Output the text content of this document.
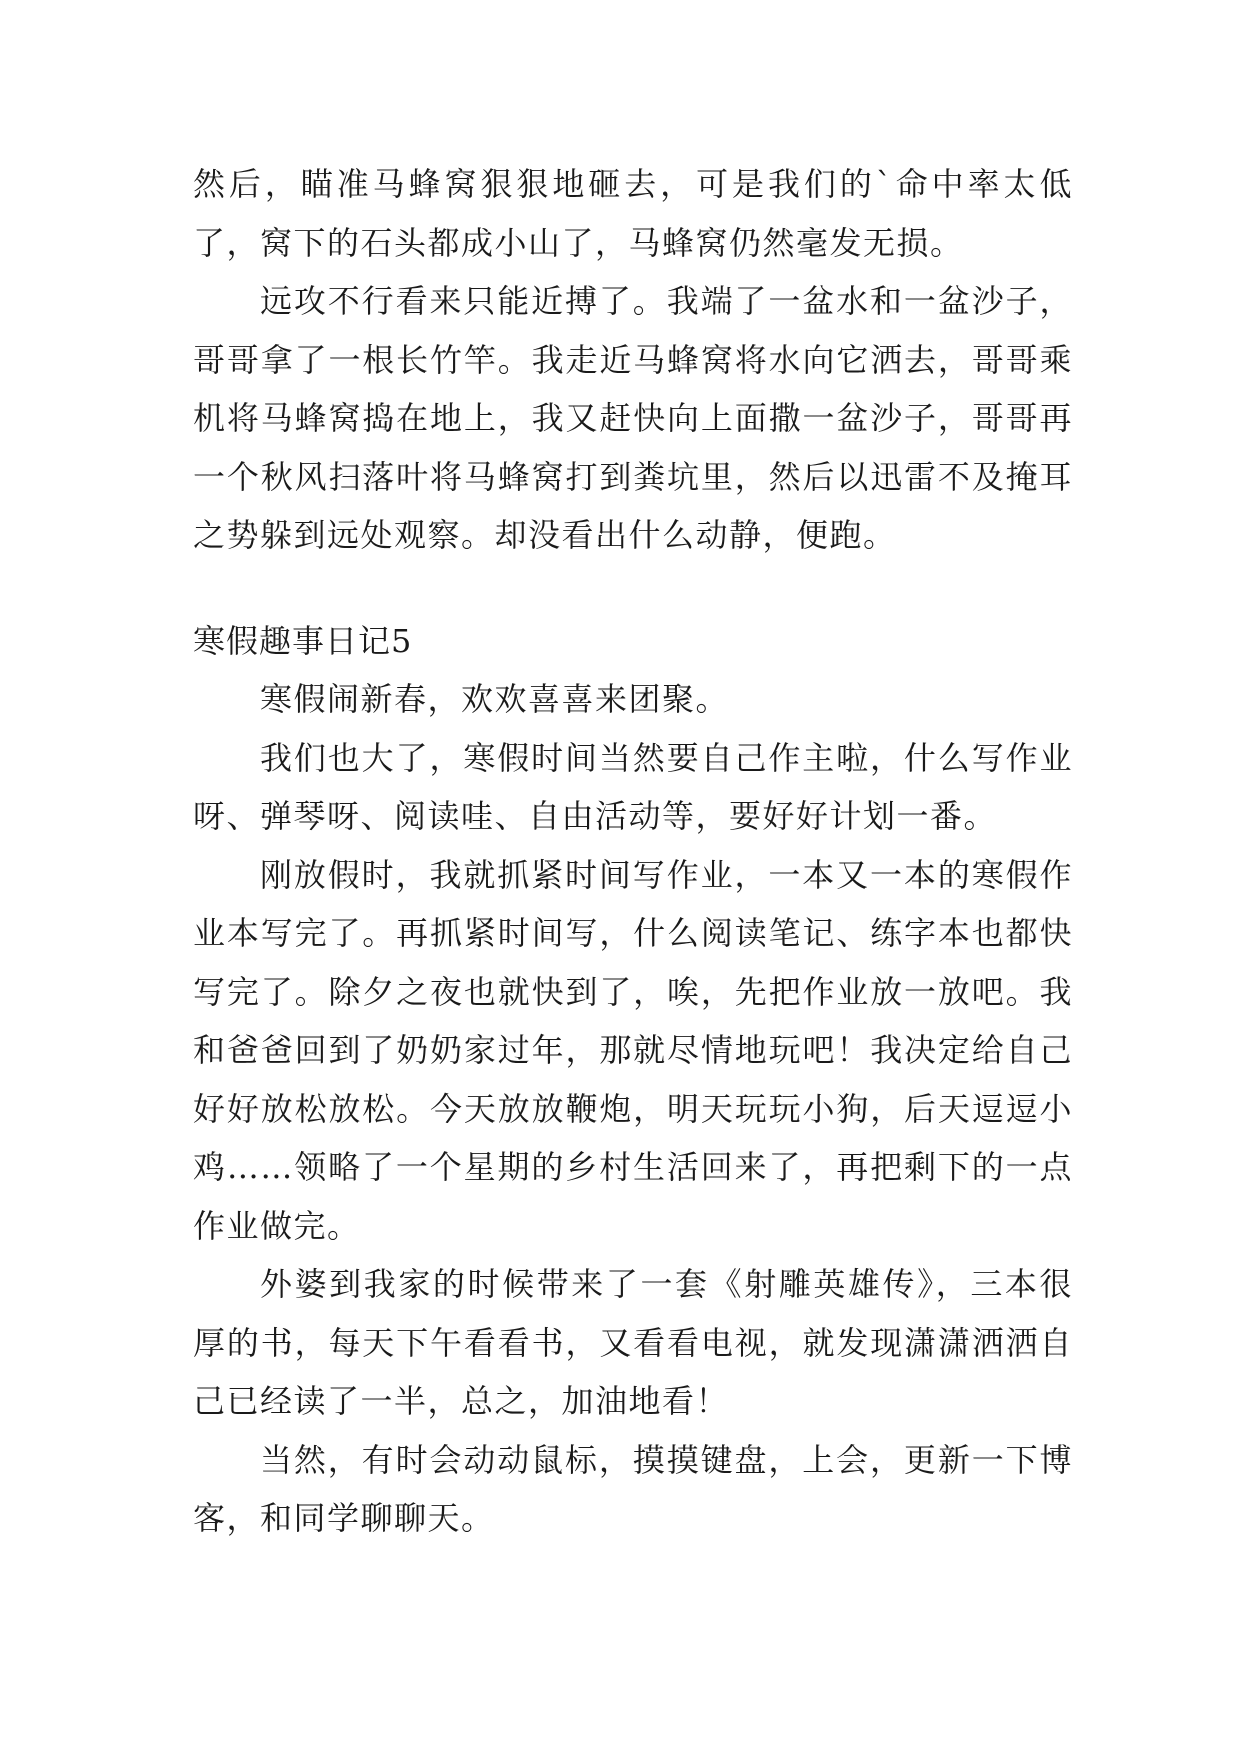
然后，瞄准马蜂窝狠狠地砸去，可是我们的`命中率太低了，窝下的石头都成小山了，马蜂窝仍然毫发无损。

远攻不行看来只能近搏了。我端了一盆水和一盆沙子，哥哥拿了一根长竹竿。我走近马蜂窝将水向它洒去，哥哥乘机将马蜂窝捣在地上，我又赶快向上面撒一盆沙子，哥哥再一个秋风扫落叶将马蜂窝打到粪坑里，然后以迅雷不及掩耳之势躲到远处观察。却没看出什么动静，便跑。

寒假趣事日记5

寒假闹新春，欢欢喜喜来团聚。

我们也大了，寒假时间当然要自己作主啦，什么写作业呀、弹琴呀、阅读哇、自由活动等，要好好计划一番。

刚放假时，我就抓紧时间写作业，一本又一本的寒假作业本写完了。再抓紧时间写，什么阅读笔记、练字本也都快写完了。除夕之夜也就快到了，唉，先把作业放一放吧。我和爸爸回到了奶奶家过年，那就尽情地玩吧！我决定给自己好好放松放松。今天放放鞭炮，明天玩玩小狗，后天逗逗小鸡……领略了一个星期的乡村生活回来了，再把剩下的一点作业做完。

外婆到我家的时候带来了一套《射雕英雄传》，三本很厚的书，每天下午看看书，又看看电视，就发现潇潇洒洒自己已经读了一半，总之，加油地看！

当然，有时会动动鼠标，摸摸键盘，上会，更新一下博客，和同学聊聊天。
